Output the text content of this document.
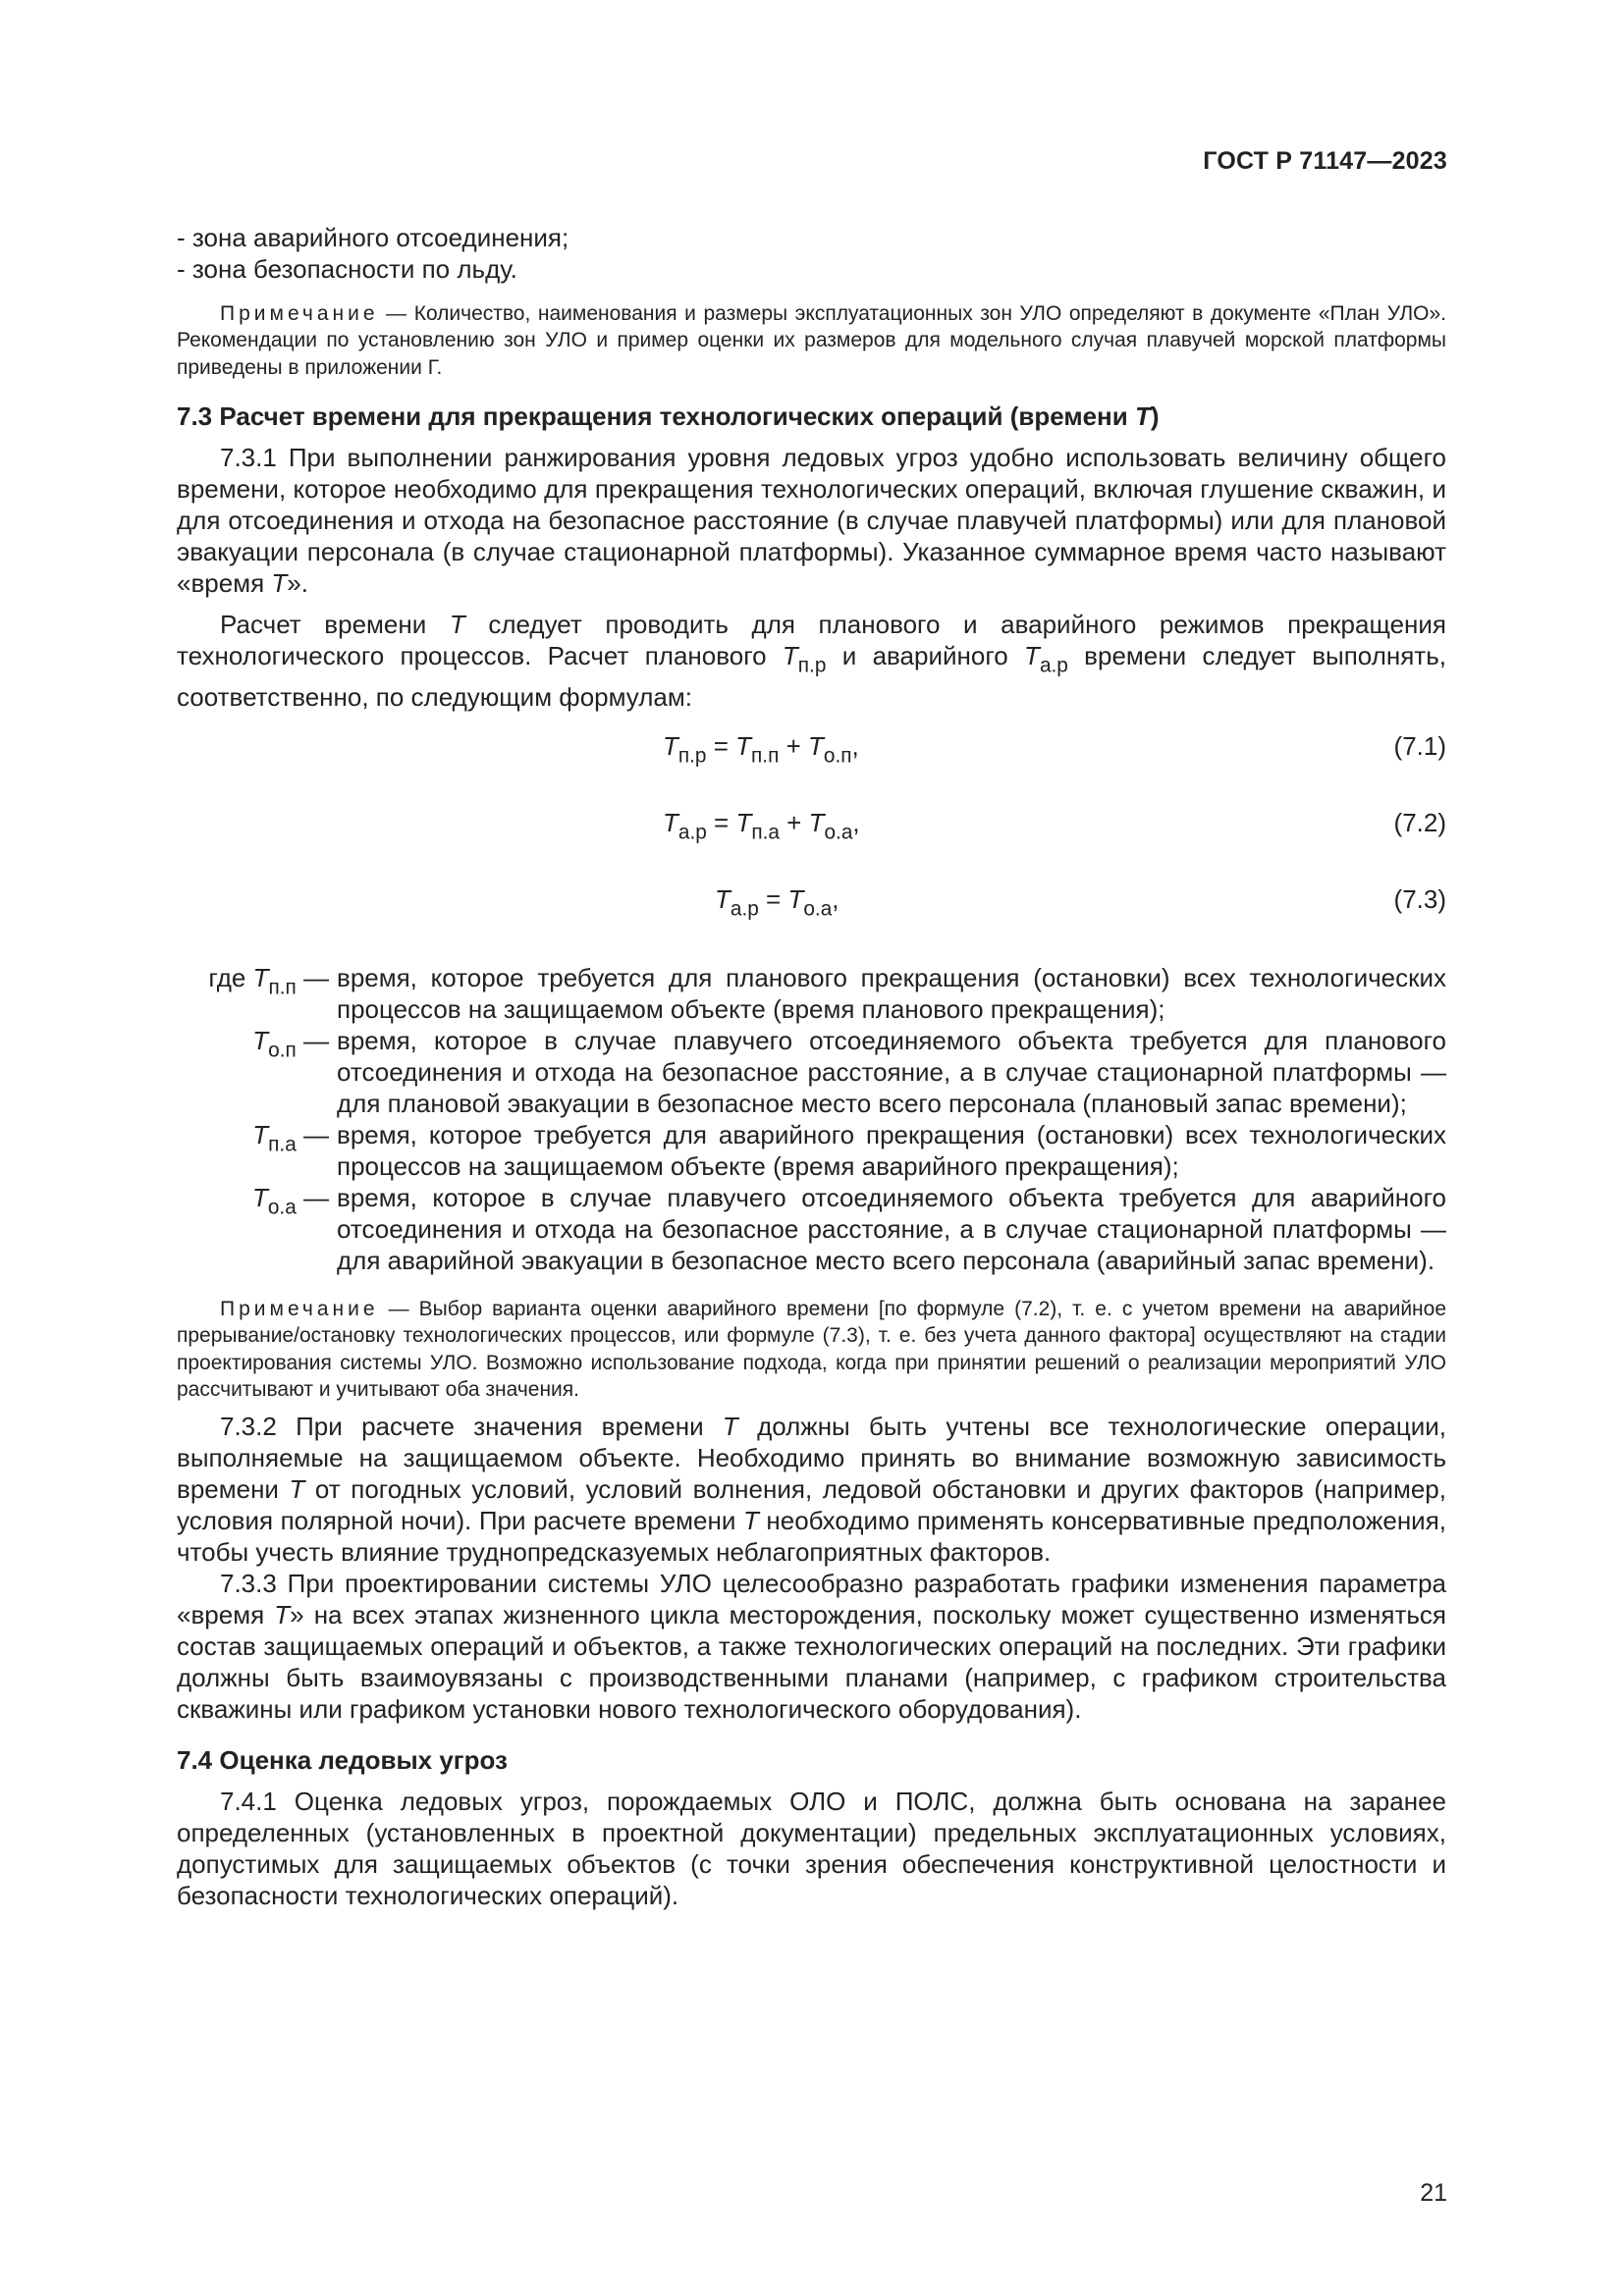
ГОСТ Р 71147—2023

- зона аварийного отсоединения;

- зона безопасности по льду.

Примечание — Количество, наименования и размеры эксплуатационных зон УЛО определяют в документе «План УЛО». Рекомендации по установлению зон УЛО и пример оценки их размеров для модельного случая плавучей морской платформы приведены в приложении Г.

7.3 Расчет времени для прекращения технологических операций (времени T)

7.3.1 При выполнении ранжирования уровня ледовых угроз удобно использовать величину общего времени, которое необходимо для прекращения технологических операций, включая глушение скважин, и для отсоединения и отхода на безопасное расстояние (в случае плавучей платформы) или для плановой эвакуации персонала (в случае стационарной платформы). Указанное суммарное время часто называют «время T».

Расчет времени T следует проводить для планового и аварийного режимов прекращения технологического процессов. Расчет планового $T_{п.р}$ и аварийного $T_{а.р}$ времени следует выполнять, соответственно, по следующим формулам:

$T_{п.р} = T_{п.п} + T_{о.п}$,	(7.1)
$T_{а.р} = T_{п.а} + T_{о.а}$,	(7.2)
$T_{а.р} = T_{о.а}$,	(7.3)
где $T_{п.п}$ —	время, которое требуется для планового прекращения (остановки) всех технологических процессов на защищаемом объекте (время планового прекращения);
$T_{о.п}$ —	время, которое в случае плавучего отсоединяемого объекта требуется для планового отсоединения и отхода на безопасное расстояние, а в случае стационарной платформы — для плановой эвакуации в безопасное место всего персонала (плановый запас времени);
$T_{п.а}$ —	время, которое требуется для аварийного прекращения (остановки) всех технологических процессов на защищаемом объекте (время аварийного прекращения);
$T_{о.а}$ —	время, которое в случае плавучего отсоединяемого объекта требуется для аварийного отсоединения и отхода на безопасное расстояние, а в случае стационарной платформы — для аварийной эвакуации в безопасное место всего персонала (аварийный запас времени).

Примечание — Выбор варианта оценки аварийного времени [по формуле (7.2), т. е. с учетом времени на аварийное прерывание/остановку технологических процессов, или формуле (7.3), т. е. без учета данного фактора] осуществляют на стадии проектирования системы УЛО. Возможно использование подхода, когда при принятии решений о реализации мероприятий УЛО рассчитывают и учитывают оба значения.

7.3.2 При расчете значения времени T должны быть учтены все технологические операции, выполняемые на защищаемом объекте. Необходимо принять во внимание возможную зависимость времени T от погодных условий, условий волнения, ледовой обстановки и других факторов (например, условия полярной ночи). При расчете времени T необходимо применять консервативные предположения, чтобы учесть влияние труднопредсказуемых неблагоприятных факторов.

7.3.3 При проектировании системы УЛО целесообразно разработать графики изменения параметра «время T» на всех этапах жизненного цикла месторождения, поскольку может существенно изменяться состав защищаемых операций и объектов, а также технологических операций на последних. Эти графики должны быть взаимоувязаны с производственными планами (например, с графиком строительства скважины или графиком установки нового технологического оборудования).

7.4 Оценка ледовых угроз

7.4.1 Оценка ледовых угроз, порождаемых ОЛО и ПОЛС, должна быть основана на заранее определенных (установленных в проектной документации) предельных эксплуатационных условиях, допустимых для защищаемых объектов (с точки зрения обеспечения конструктивной целостности и безопасности технологических операций).

21
